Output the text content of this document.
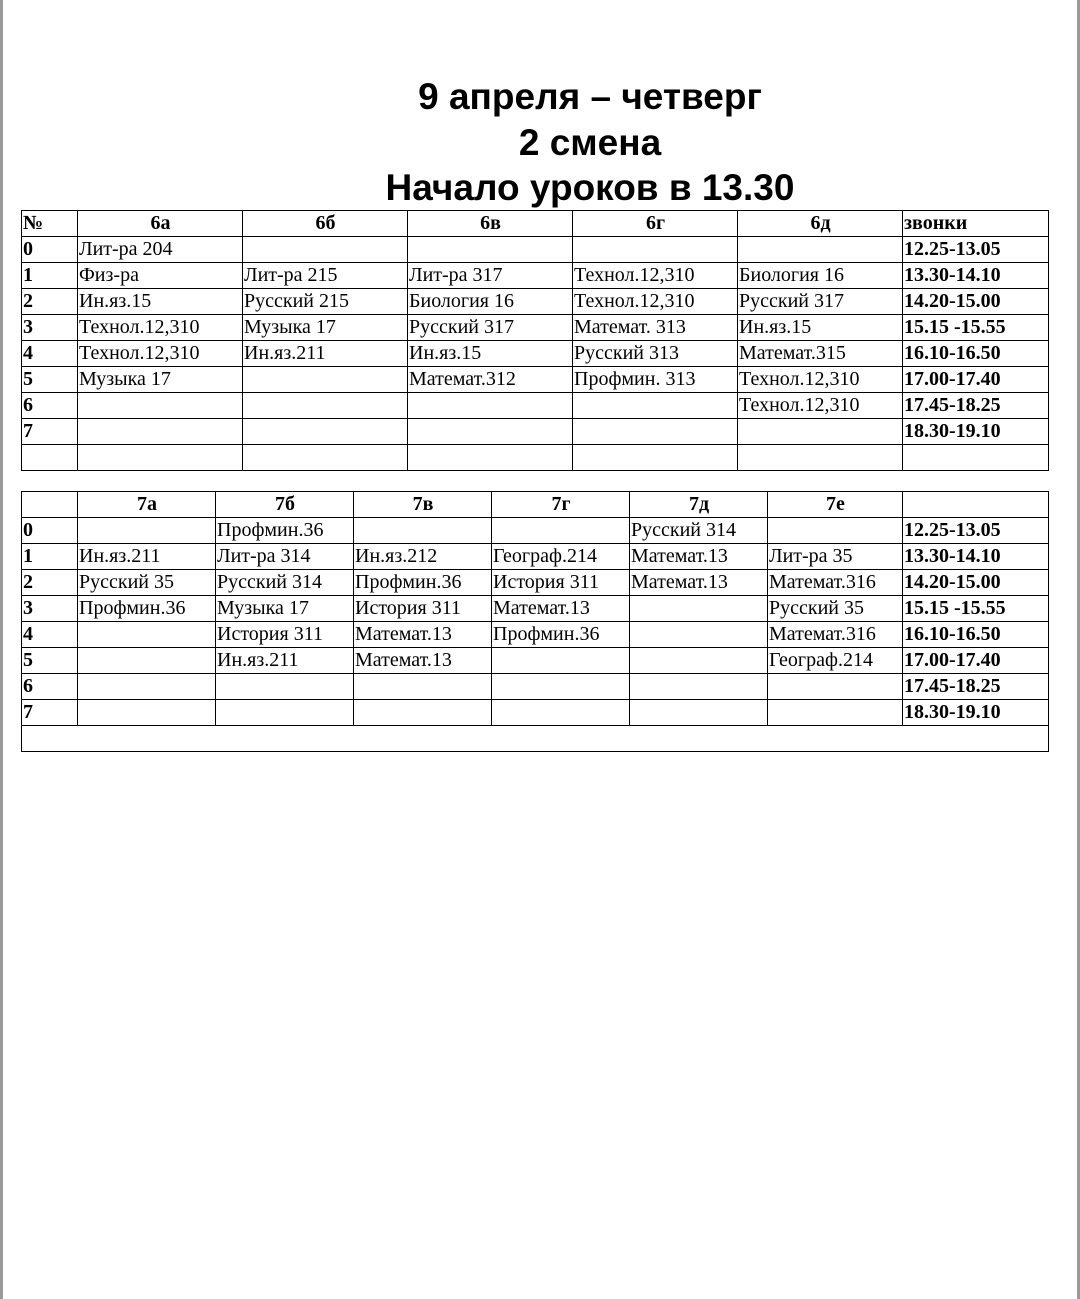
9 апреля – четверг
2 смена
Начало уроков в 13.30
№	6а	6б	6в	6г	6д	звонки
0	Лит-ра 204					12.25-13.05
1	Физ-ра	Лит-ра 215	Лит-ра 317	Технол.12,310	Биология 16	13.30-14.10
2	Ин.яз.15	Русский 215	Биология 16	Технол.12,310	Русский 317	14.20-15.00
3	Технол.12,310	Музыка 17	Русский 317	Математ. 313	Ин.яз.15	15.15 -15.55
4	Технол.12,310	Ин.яз.211	Ин.яз.15	Русский 313	Математ.315	16.10-16.50
5	Музыка 17		Математ.312	Профмин. 313	Технол.12,310	17.00-17.40
6					Технол.12,310	17.45-18.25
7						18.30-19.10

	7а	7б	7в	7г	7д	7е	
0		Профмин.36			Русский 314		12.25-13.05
1	Ин.яз.211	Лит-ра 314	Ин.яз.212	Географ.214	Математ.13	Лит-ра 35	13.30-14.10
2	Русский 35	Русский 314	Профмин.36	История 311	Математ.13	Математ.316	14.20-15.00
3	Профмин.36	Музыка 17	История 311	Математ.13		Русский 35	15.15 -15.55
4		История 311	Математ.13	Профмин.36		Математ.316	16.10-16.50
5		Ин.яз.211	Математ.13			Географ.214	17.00-17.40
6							17.45-18.25
7							18.30-19.10
